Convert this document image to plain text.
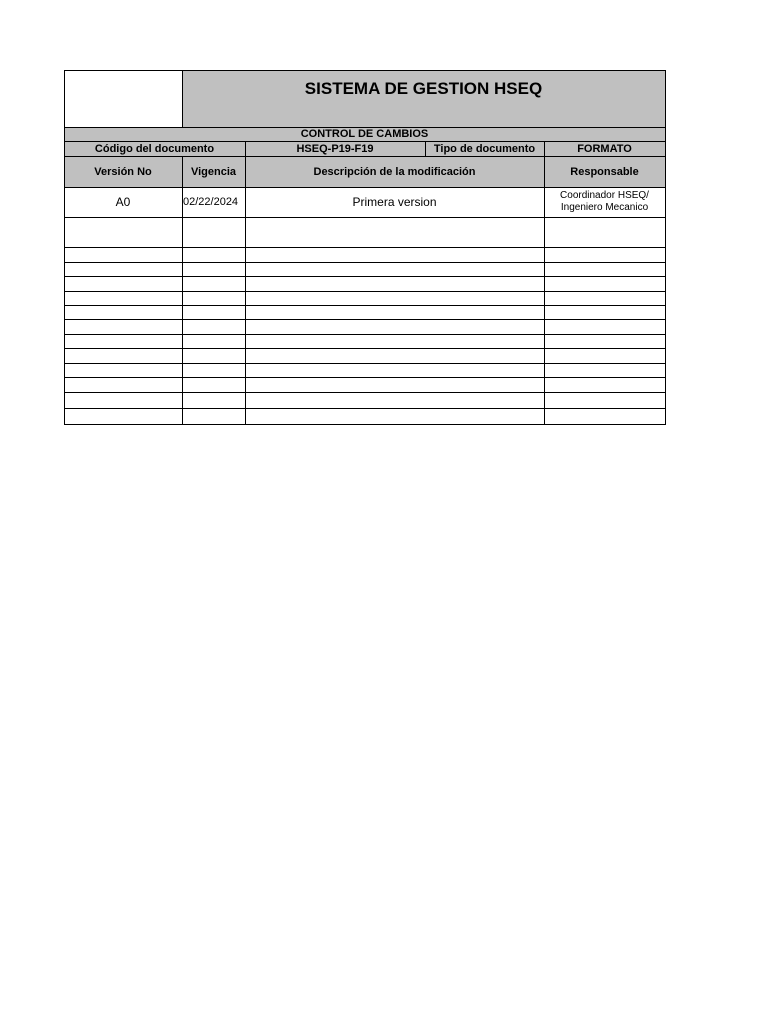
SISTEMA DE GESTION HSEQ
CONTROL DE CAMBIOS
Código del documento	HSEQ-P19-F19	Tipo de documento	FORMATO
Versión No	Vigencia	Descripción de la modificación	Responsable
A0	02/22/2024	Primera version	Coordinador HSEQ/
Ingeniero Mecanico
